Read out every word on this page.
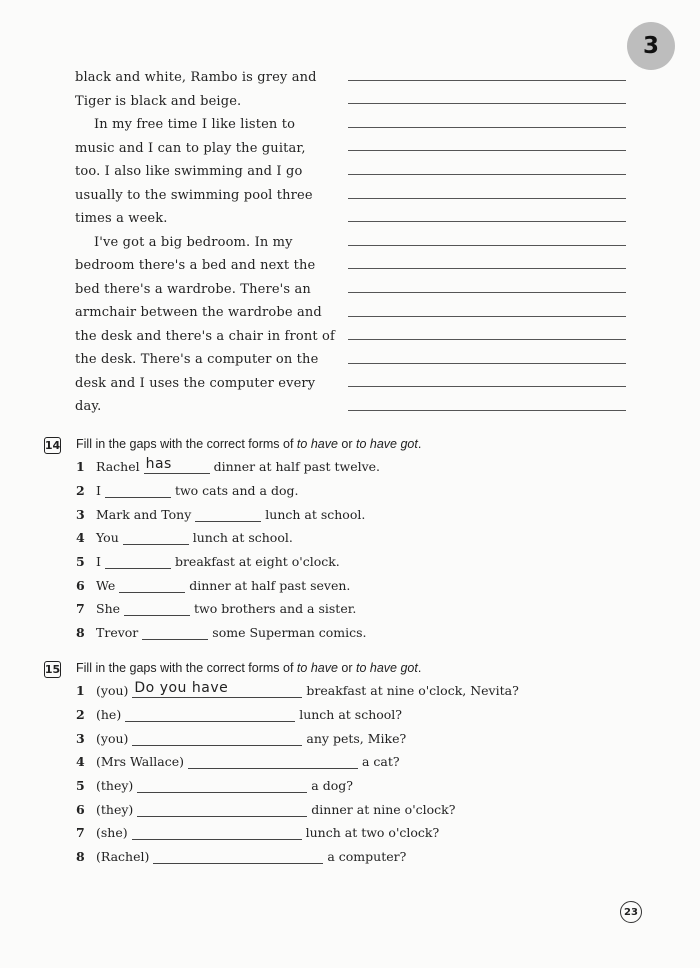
3
black and white, Rambo is grey and
Tiger is black and beige.
In my free time I like listen to
music and I can to play the guitar,
too. I also like swimming and I go
usually to the swimming pool three
times a week.
I've got a big bedroom. In my
bedroom there's a bed and next the
bed there's a wardrobe. There's an
armchair between the wardrobe and
the desk and there's a chair in front of
the desk. There's a computer on the
desk and I uses the computer every
day.
14 Fill in the gaps with the correct forms of to have or to have got.
1 Rachel has	dinner at half past twelve.
2 I	two cats and a dog.
3 Mark and Tony	lunch at school.
4 You	lunch at school.
5 I	breakfast at eight o'clock.
6 We	dinner at half past seven.
7 She	two brothers and a sister.
8 Trevor	some Superman comics.
15 Fill in the gaps with the correct forms of to have or to have got.
1 (you) Do you have	breakfast at nine o'clock, Nevita?
2 (he)	lunch at school?
3 (you)	any pets, Mike?
4 (Mrs Wallace)	a cat?
5 (they)	a dog?
6 (they)	dinner at nine o'clock?
7 (she)	lunch at two o'clock?
8 (Rachel)	a computer?
23
